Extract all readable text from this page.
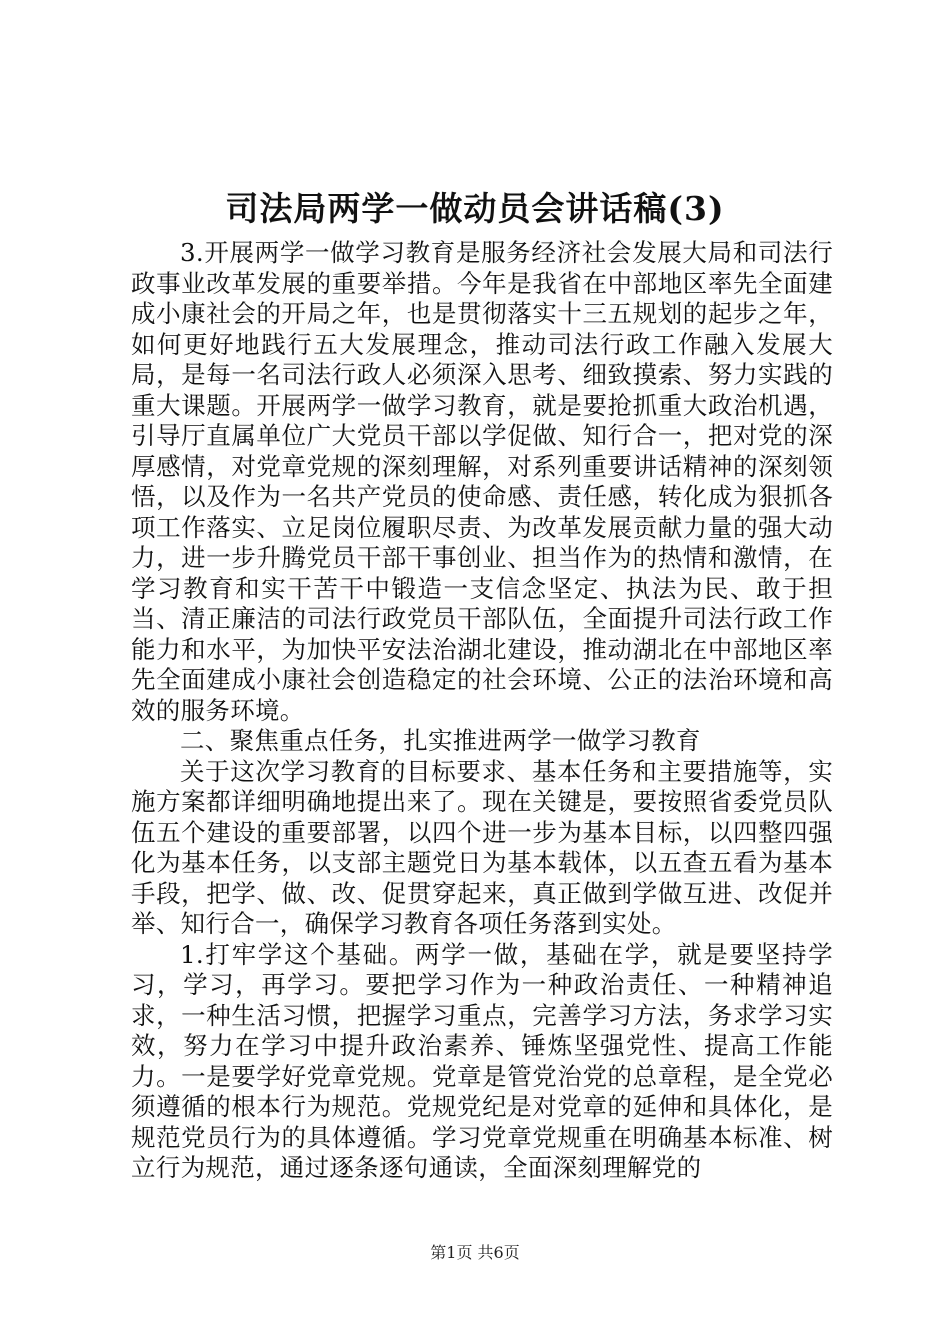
司法局两学一做动员会讲话稿(3)

3.开展两学一做学习教育是服务经济社会发展大局和司法行政事业改革发展的重要举措。今年是我省在中部地区率先全面建成小康社会的开局之年，也是贯彻落实十三五规划的起步之年，如何更好地践行五大发展理念，推动司法行政工作融入发展大局，是每一名司法行政人必须深入思考、细致摸索、努力实践的重大课题。开展两学一做学习教育，就是要抢抓重大政治机遇，引导厅直属单位广大党员干部以学促做、知行合一，把对党的深厚感情，对党章党规的深刻理解，对系列重要讲话精神的深刻领悟，以及作为一名共产党员的使命感、责任感，转化成为狠抓各项工作落实、立足岗位履职尽责、为改革发展贡献力量的强大动力，进一步升腾党员干部干事创业、担当作为的热情和激情，在学习教育和实干苦干中锻造一支信念坚定、执法为民、敢于担当、清正廉洁的司法行政党员干部队伍，全面提升司法行政工作能力和水平，为加快平安法治湖北建设，推动湖北在中部地区率先全面建成小康社会创造稳定的社会环境、公正的法治环境和高效的服务环境。

二、聚焦重点任务，扎实推进两学一做学习教育

关于这次学习教育的目标要求、基本任务和主要措施等，实施方案都详细明确地提出来了。现在关键是，要按照省委党员队伍五个建设的重要部署，以四个进一步为基本目标，以四整四强化为基本任务，以支部主题党日为基本载体，以五查五看为基本手段，把学、做、改、促贯穿起来，真正做到学做互进、改促并举、知行合一，确保学习教育各项任务落到实处。

1.打牢学这个基础。两学一做，基础在学，就是要坚持学习，学习，再学习。要把学习作为一种政治责任、一种精神追求，一种生活习惯，把握学习重点，完善学习方法，务求学习实效，努力在学习中提升政治素养、锤炼坚强党性、提高工作能力。一是要学好党章党规。党章是管党治党的总章程，是全党必须遵循的根本行为规范。党规党纪是对党章的延伸和具体化，是规范党员行为的具体遵循。学习党章党规重在明确基本标准、树立行为规范，通过逐条逐句通读，全面深刻理解党的

第1页 共6页
